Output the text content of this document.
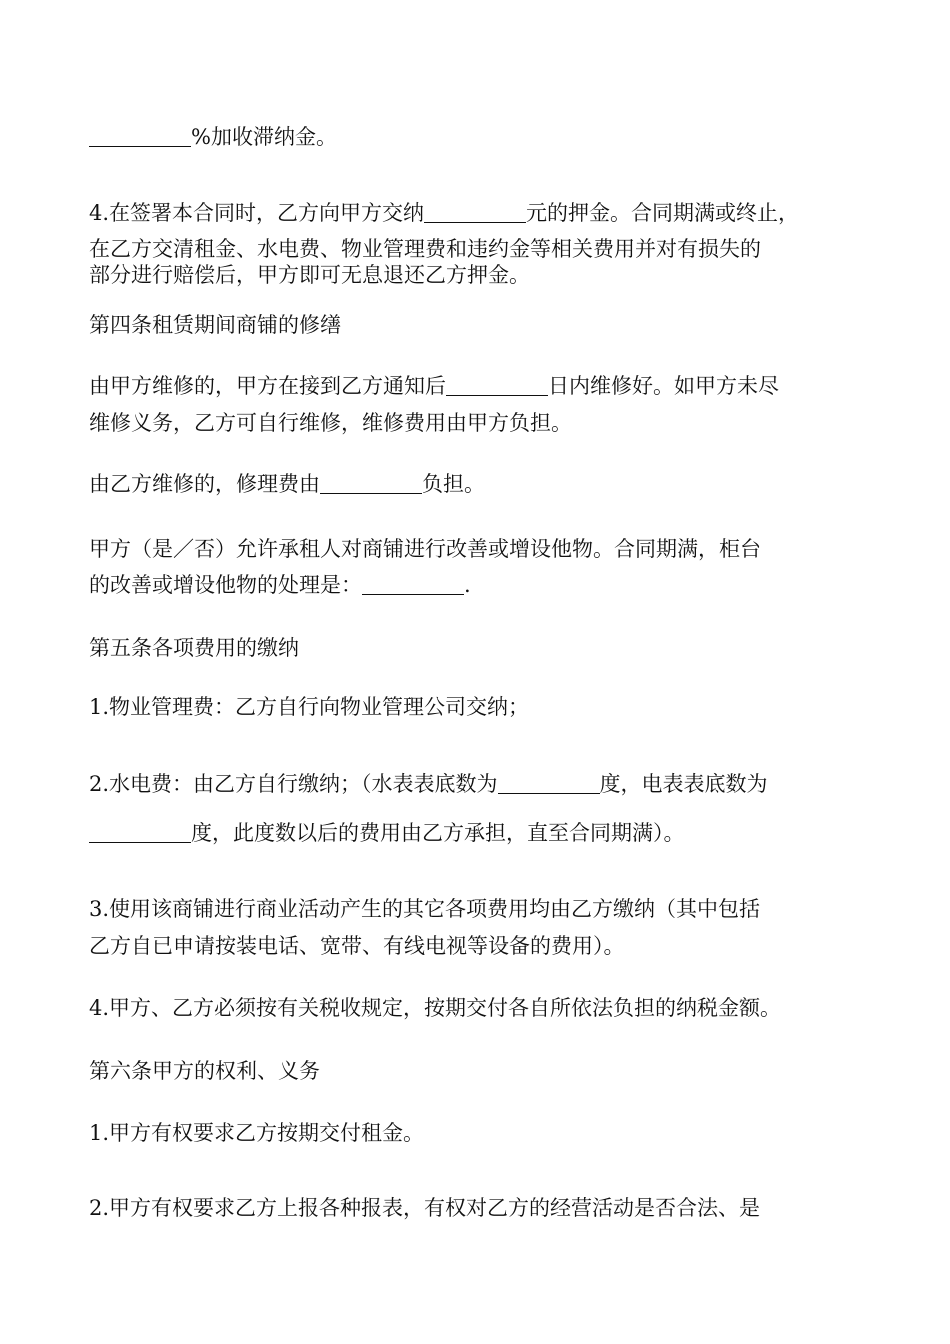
%加收滞纳金。
4.在签署本合同时，乙方向甲方交纳	元的押金。合同期满或终止，
在乙方交清租金、水电费、物业管理费和违约金等相关费用并对有损失的
部分进行赔偿后，甲方即可无息退还乙方押金。
第四条租赁期间商铺的修缮
由甲方维修的，甲方在接到乙方通知后	日内维修好。如甲方未尽
维修义务，乙方可自行维修，维修费用由甲方负担。
由乙方维修的，修理费由	负担。
甲方（是／否）允许承租人对商铺进行改善或增设他物。合同期满，柜台
的改善或增设他物的处理是：	.
第五条各项费用的缴纳
1.物业管理费：乙方自行向物业管理公司交纳；
2.水电费：由乙方自行缴纳；（水表表底数为	度，电表表底数为
度，此度数以后的费用由乙方承担，直至合同期满）。
3.使用该商铺进行商业活动产生的其它各项费用均由乙方缴纳（其中包括
乙方自已申请按装电话、宽带、有线电视等设备的费用）。
4.甲方、乙方必须按有关税收规定，按期交付各自所依法负担的纳税金额。
第六条甲方的权利、义务
1.甲方有权要求乙方按期交付租金。
2.甲方有权要求乙方上报各种报表，有权对乙方的经营活动是否合法、是
